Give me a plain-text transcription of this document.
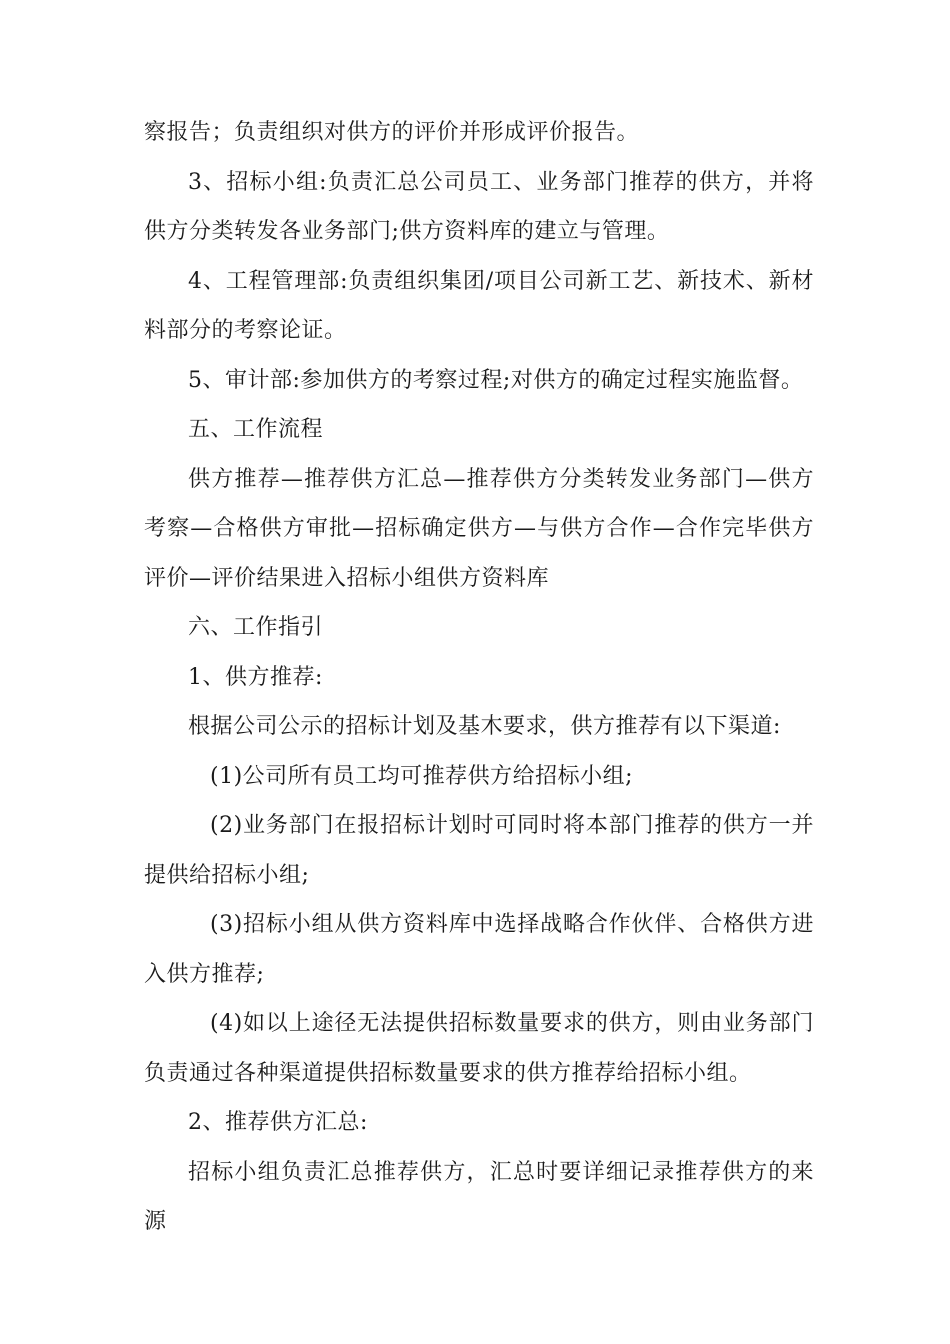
察报告；负责组织对供方的评价并形成评价报告。

3、招标小组:负责汇总公司员工、业务部门推荐的供方，并将供方分类转发各业务部门;供方资料库的建立与管理。

4、工程管理部:负责组织集团/项目公司新工艺、新技术、新材料部分的考察论证。

5、审计部:参加供方的考察过程;对供方的确定过程实施监督。

五、工作流程

供方推荐—推荐供方汇总—推荐供方分类转发业务部门—供方考察—合格供方审批—招标确定供方—与供方合作—合作完毕供方评价—评价结果进入招标小组供方资料库

六、工作指引

1、供方推荐:

根据公司公示的招标计划及基木要求，供方推荐有以下渠道:

(1)公司所有员工均可推荐供方给招标小组;

(2)业务部门在报招标计划时可同时将本部门推荐的供方一并提供给招标小组;

(3)招标小组从供方资料库中选择战略合作伙伴、合格供方进入供方推荐;

(4)如以上途径无法提供招标数量要求的供方，则由业务部门负责通过各种渠道提供招标数量要求的供方推荐给招标小组。

2、推荐供方汇总:

招标小组负责汇总推荐供方，汇总时要详细记录推荐供方的来源
